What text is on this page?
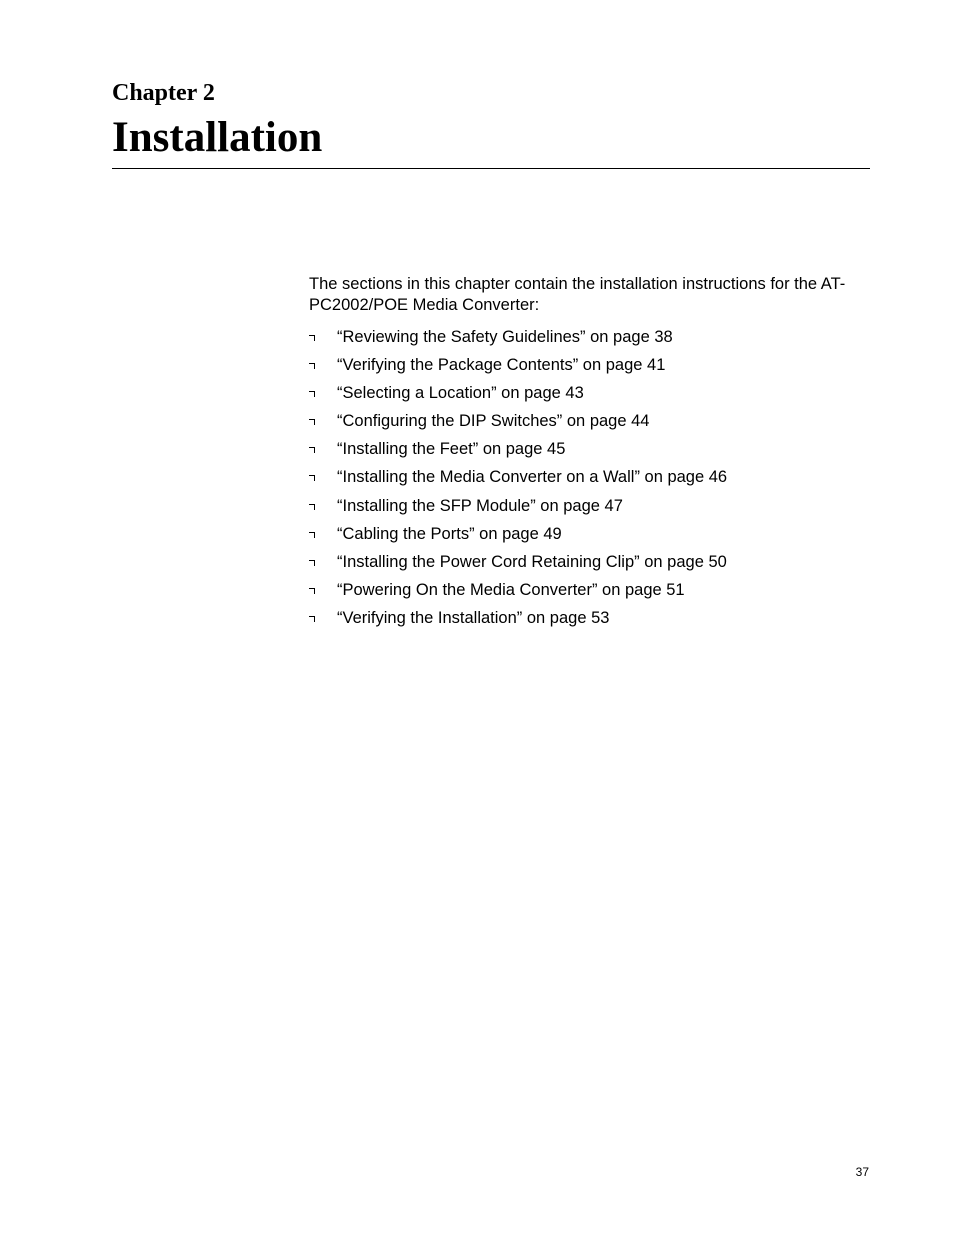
Chapter 2
Installation

The sections in this chapter contain the installation instructions for the AT-PC2002/POE Media Converter:

“Reviewing the Safety Guidelines” on page 38
“Verifying the Package Contents” on page 41
“Selecting a Location” on page 43
“Configuring the DIP Switches” on page 44
“Installing the Feet” on page 45
“Installing the Media Converter on a Wall” on page 46
“Installing the SFP Module” on page 47
“Cabling the Ports” on page 49
“Installing the Power Cord Retaining Clip” on page 50
“Powering On the Media Converter” on page 51
“Verifying the Installation” on page 53
37
